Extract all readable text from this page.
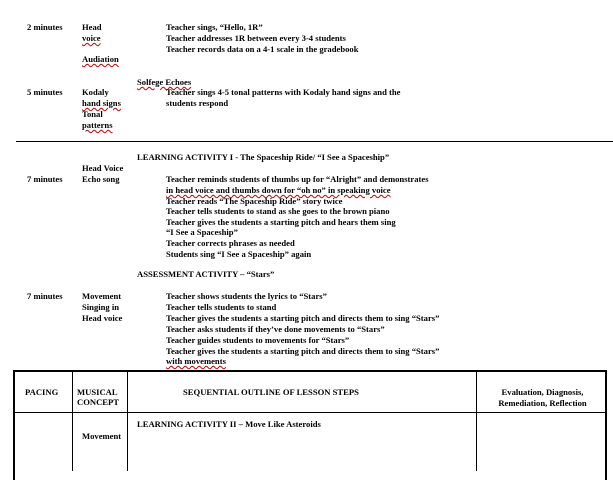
2 minutes Head
voice
Audiation
Teacher sings, “Hello, 1R”
Teacher addresses 1R between every 3-4 students
Teacher records data on a 4-1 scale in the gradebook
Solfege Echoes
5 minutes Kodaly
hand signs
Tonal
patterns
Teacher sings 4-5 tonal patterns with Kodaly hand signs and the
students respond
LEARNING ACTIVITY I - The Spaceship Ride/ “I See a Spaceship”
Head Voice
7 minutes Echo song	Teacher reminds students of thumbs up for “Alright” and demonstrates
in head voice and thumbs down for “oh no” in speaking voice
Teacher reads “The Spaceship Ride” story twice
Teacher tells students to stand as she goes to the brown piano
Teacher gives the students a starting pitch and hears them sing
“I See a Spaceship”
Teacher corrects phrases as needed
Students sing “I See a Spaceship” again
ASSESSMENT ACTIVITY – “Stars”
7 minutes Movement
Singing in
Head voice
Teacher shows students the lyrics to “Stars”
Teacher tells students to stand
Teacher gives the students a starting pitch and directs them to sing “Stars”
Teacher asks students if they’ve done movements to “Stars”
Teacher guides students to movements for “Stars”
Teacher gives the students a starting pitch and directs them to sing “Stars”
with movements
PACING MUSICAL
CONCEPT
SEQUENTIAL OUTLINE OF LESSON STEPS	Evaluation, Diagnosis,
Remediation, Reflection
LEARNING ACTIVITY II – Move Like Asteroids
Movement
